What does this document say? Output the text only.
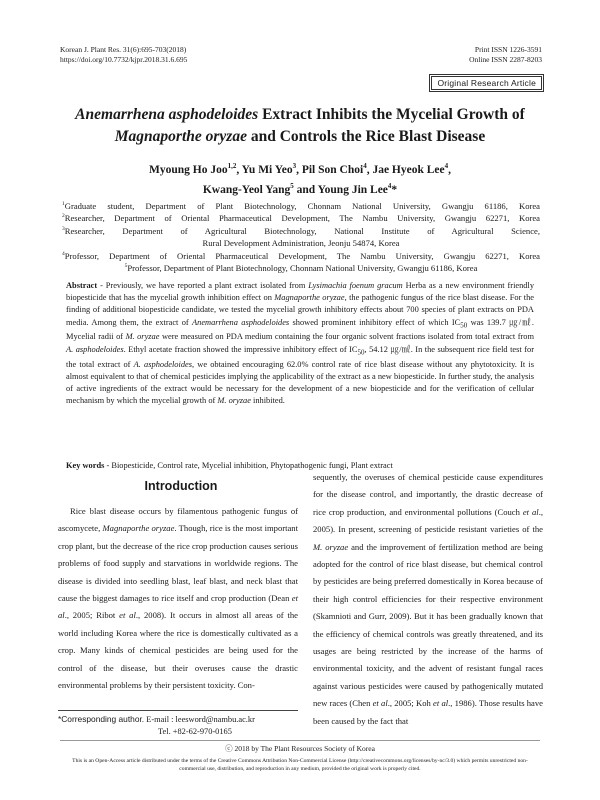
Korean J. Plant Res. 31(6):695-703(2018)
https://doi.org/10.7732/kjpr.2018.31.6.695
Print ISSN 1226-3591
Online ISSN 2287-8203
Original Research Article
Anemarrhena asphodeloides Extract Inhibits the Mycelial Growth of
Magnaporthe oryzae and Controls the Rice Blast Disease
Myoung Ho Joo$^{1,2}$, Yu Mi Yeo$^3$, Pil Son Choi$^4$, Jae Hyeok Lee$^4$,
Kwang-Yeol Yang$^5$ and Young Jin Lee$^4$*
$^1$Graduate student, Department of Plant Biotechnology, Chonnam National University, Gwangju 61186, Korea
$^2$Researcher, Department of Oriental Pharmaceutical Development, The Nambu University, Gwangju 62271, Korea
$^3$Researcher, Department of Agricultural Biotechnology, National Institute of Agricultural Science,
Rural Development Administration, Jeonju 54874, Korea
$^4$Professor, Department of Oriental Pharmaceutical Development, The Nambu University, Gwangju 62271, Korea
$^5$Professor, Department of Plant Biotechnology, Chonnam National University, Gwangju 61186, Korea
Abstract - Previously, we have reported a plant extract isolated from Lysimachia foenum gracum Herba as a new environment friendly biopesticide that has the mycelial growth inhibition effect on Magnaporthe oryzae, the pathogenic fungus of the rice blast disease. For the finding of additional biopesticide candidate, we tested the mycelial growth inhibitory effects about 700 species of plant extracts on PDA media. Among them, the extract of Anemarrhena asphodeloides showed prominent inhibitory effect of which $IC_{50}$ was 139.7 ㎍/㎖. Mycelial radii of M. oryzae were measured on PDA medium containing the four organic solvent fractions isolated from total extract from A. asphodeloides. Ethyl acetate fraction showed the impressive inhibitory effect of $IC_{50}$, 54.12 ㎍/㎖. In the subsequent rice field test for the total extract of A. asphodeloides, we obtained encouraging 62.0% control rate of rice blast disease without any phytotoxicity. It is almost equivalent to that of chemical pesticides implying the applicability of the extract as a new biopesticide. In further study, the analysis of active ingredients of the extract would be necessary for the development of a new biopesticide and for the verification of cellular mechanism by which the mycelial growth of M. oryzae inhibited.
Key words - Biopesticide, Control rate, Mycelial inhibition, Phytopathogenic fungi, Plant extract
Introduction
Rice blast disease occurs by filamentous pathogenic fungus of ascomycete, Magnaporthe oryzae. Though, rice is the most important crop plant, but the decrease of the rice crop production causes serious problems of food supply and starvations in worldwide regions. The disease is divided into seedling blast, leaf blast, and neck blast that cause the biggest damages to rice itself and crop production (Dean et al., 2005; Ribot et al., 2008). It occurs in almost all areas of the world including Korea where the rice is domestically cultivated as a crop. Many kinds of chemical pesticides are being used for the control of the disease, but their overuses cause the drastic environmental problems by their persistent toxicity. Con-
sequently, the overuses of chemical pesticide cause expenditures for the disease control, and importantly, the drastic decrease of rice crop production, and environmental pollutions (Couch et al., 2005). In present, screening of pesticide resistant varieties of the M. oryzae and the improvement of fertilization method are being adopted for the control of rice blast disease, but chemical control by pesticides are being preferred domestically in Korea because of their high control efficiencies for their respective environment (Skamnioti and Gurr, 2009). But it has been gradually known that the efficiency of chemical controls was greatly threatened, and its usages are being restricted by the increase of the harms of environmental toxicity, and the advent of resistant fungal races against various pesticides were caused by pathogenically mutated new races (Chen et al., 2005; Koh et al., 1986). Those results have been caused by the fact that
*Corresponding author. E-mail : leesword@nambu.ac.kr
Tel. +82-62-970-0165
ⓒ 2018 by The Plant Resources Society of Korea
This is an Open-Access article distributed under the terms of the Creative Commons Attribution Non-Commercial License (http://creativecommons.org/licenses/by-nc/3.0) which permits unrestricted non-commercial use, distribution, and reproduction in any medium, provided the original work is properly cited.
